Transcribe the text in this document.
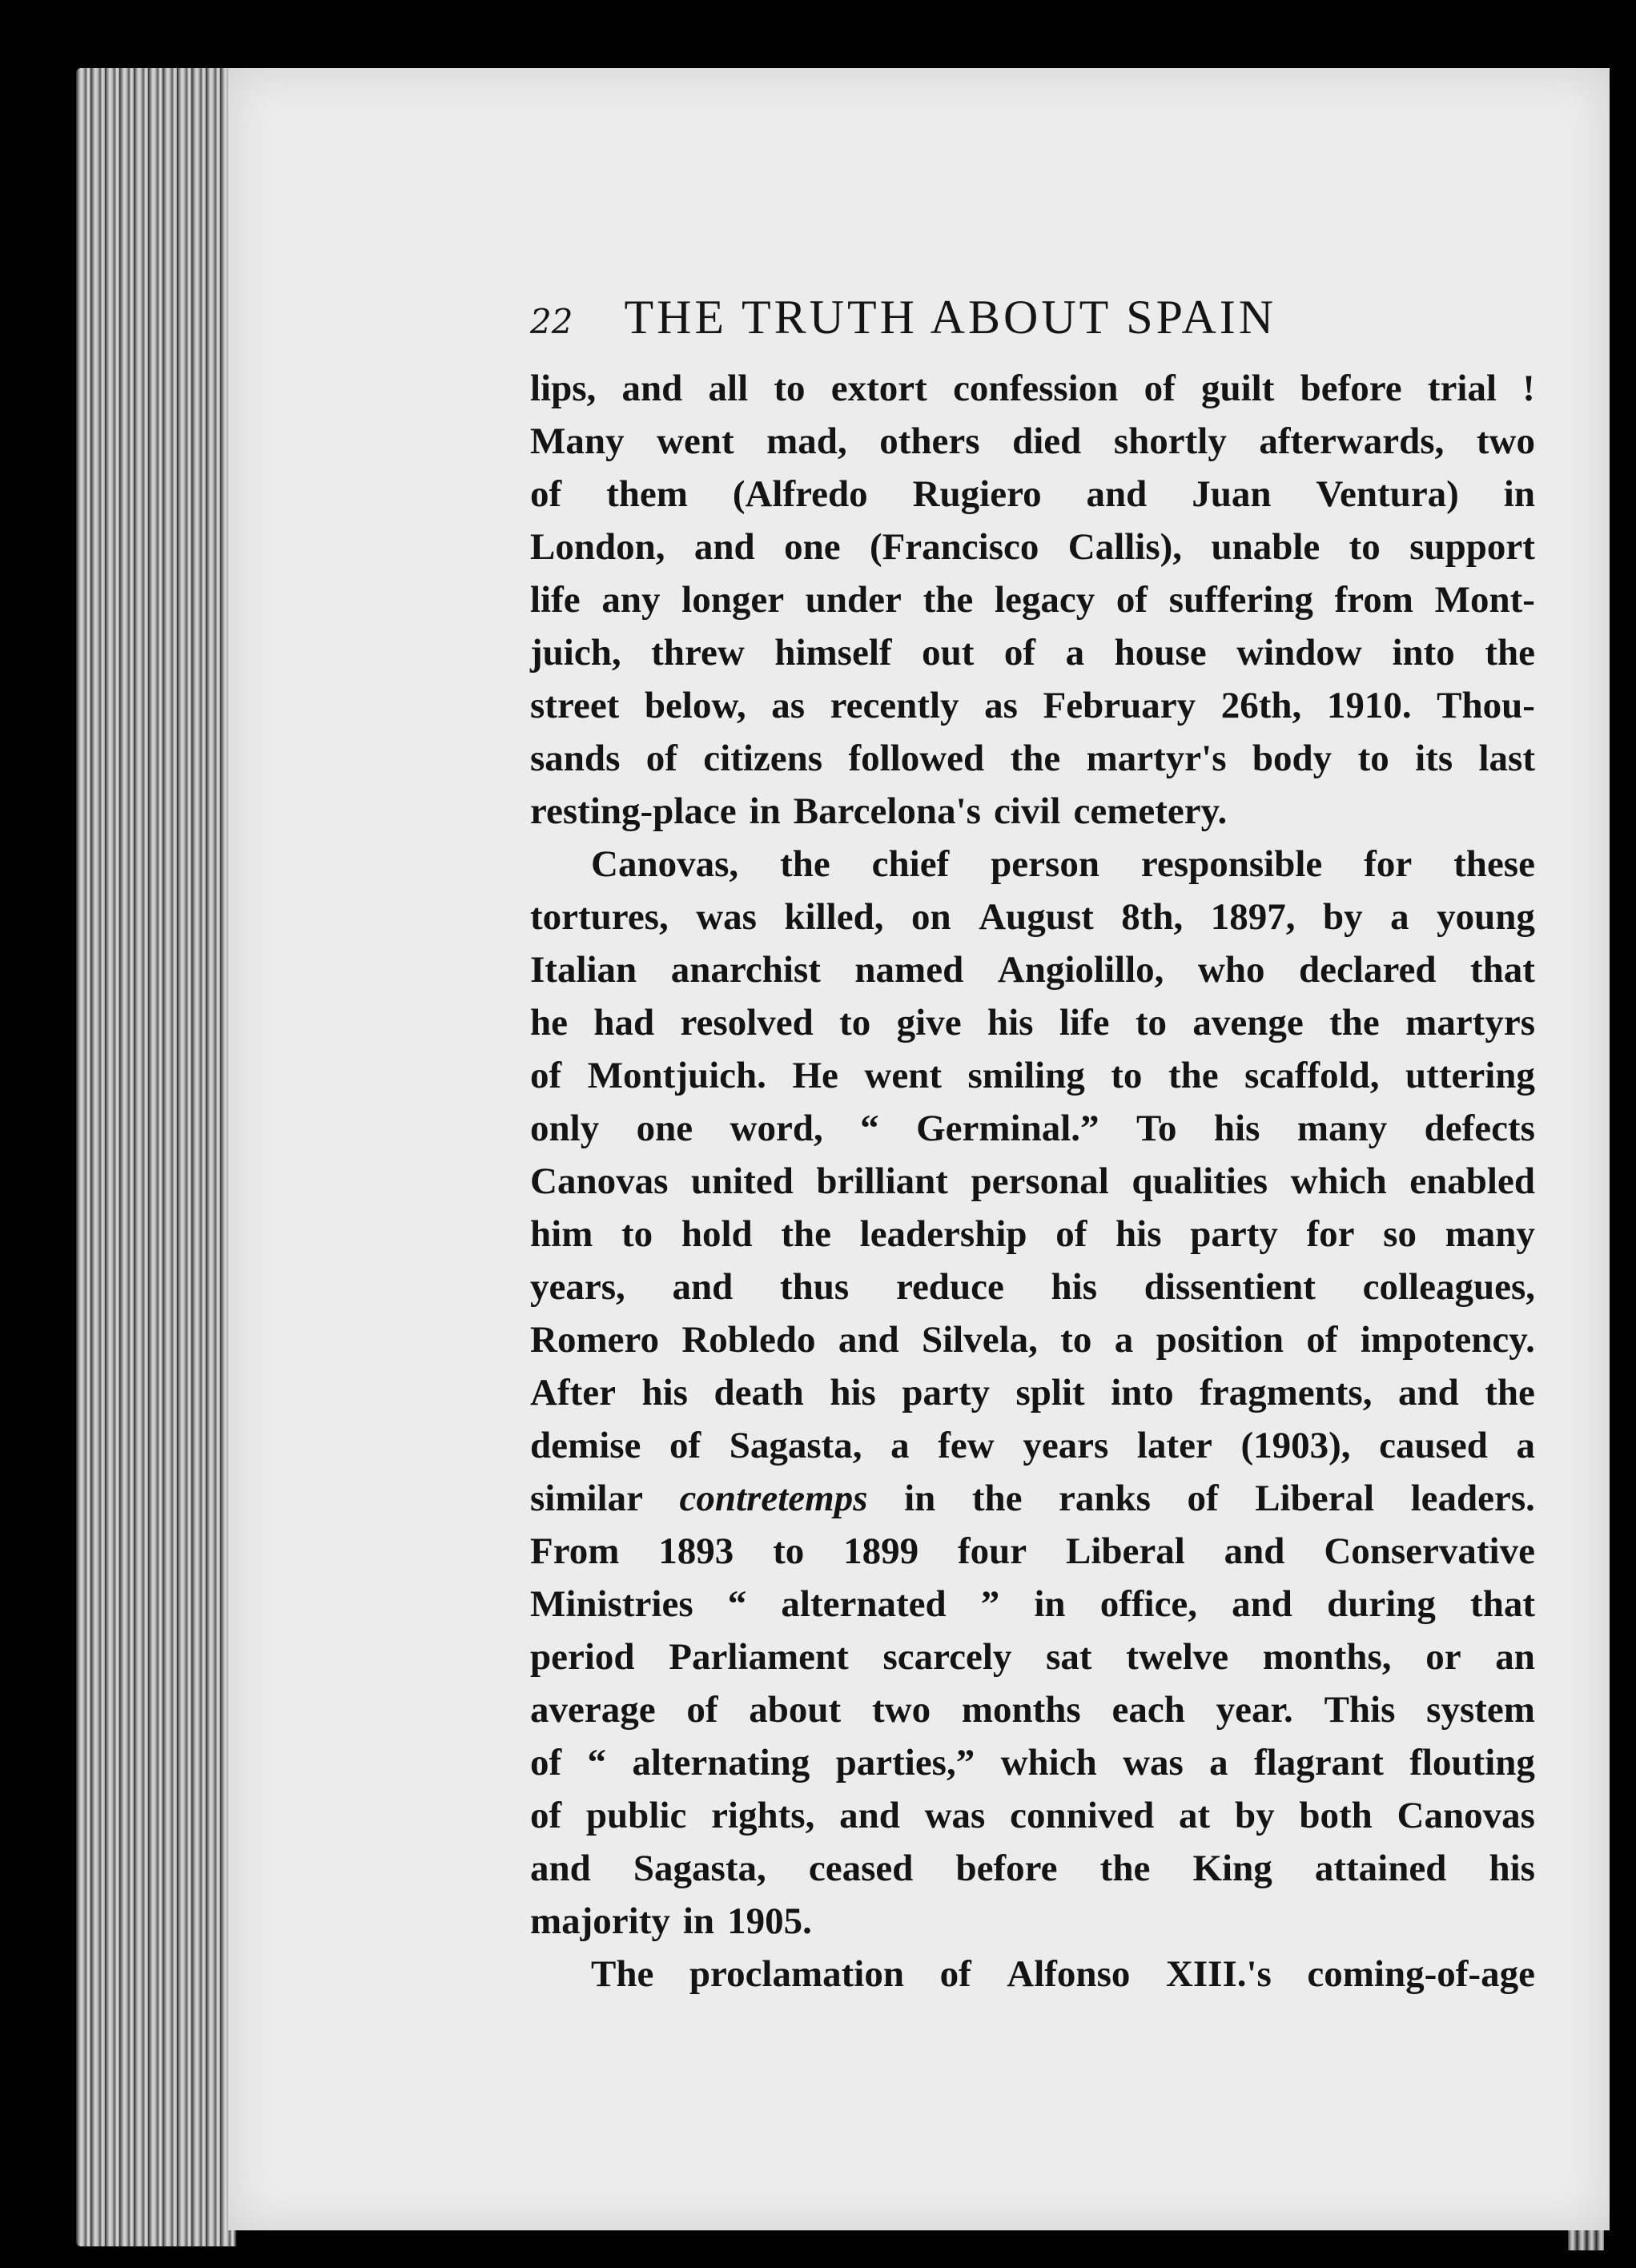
22 THE TRUTH ABOUT SPAIN
lips, and all to extort confession of guilt before trial !
Many went mad, others died shortly afterwards, two
of them (Alfredo Rugiero and Juan Ventura) in
London, and one (Francisco Callis), unable to support
life any longer under the legacy of suffering from Mont-
juich, threw himself out of a house window into the
street below, as recently as February 26th, 1910. Thou-
sands of citizens followed the martyr's body to its last
resting-place in Barcelona's civil cemetery.
Canovas, the chief person responsible for these
tortures, was killed, on August 8th, 1897, by a young
Italian anarchist named Angiolillo, who declared that
he had resolved to give his life to avenge the martyrs
of Montjuich. He went smiling to the scaffold, uttering
only one word, “ Germinal.” To his many defects
Canovas united brilliant personal qualities which enabled
him to hold the leadership of his party for so many
years, and thus reduce his dissentient colleagues,
Romero Robledo and Silvela, to a position of impotency.
After his death his party split into fragments, and the
demise of Sagasta, a few years later (1903), caused a
similar contretemps in the ranks of Liberal leaders.
From 1893 to 1899 four Liberal and Conservative
Ministries “ alternated ” in office, and during that
period Parliament scarcely sat twelve months, or an
average of about two months each year. This system
of “ alternating parties,” which was a flagrant flouting
of public rights, and was connived at by both Canovas
and Sagasta, ceased before the King attained his
majority in 1905.
The proclamation of Alfonso XIII.'s coming-of-age
